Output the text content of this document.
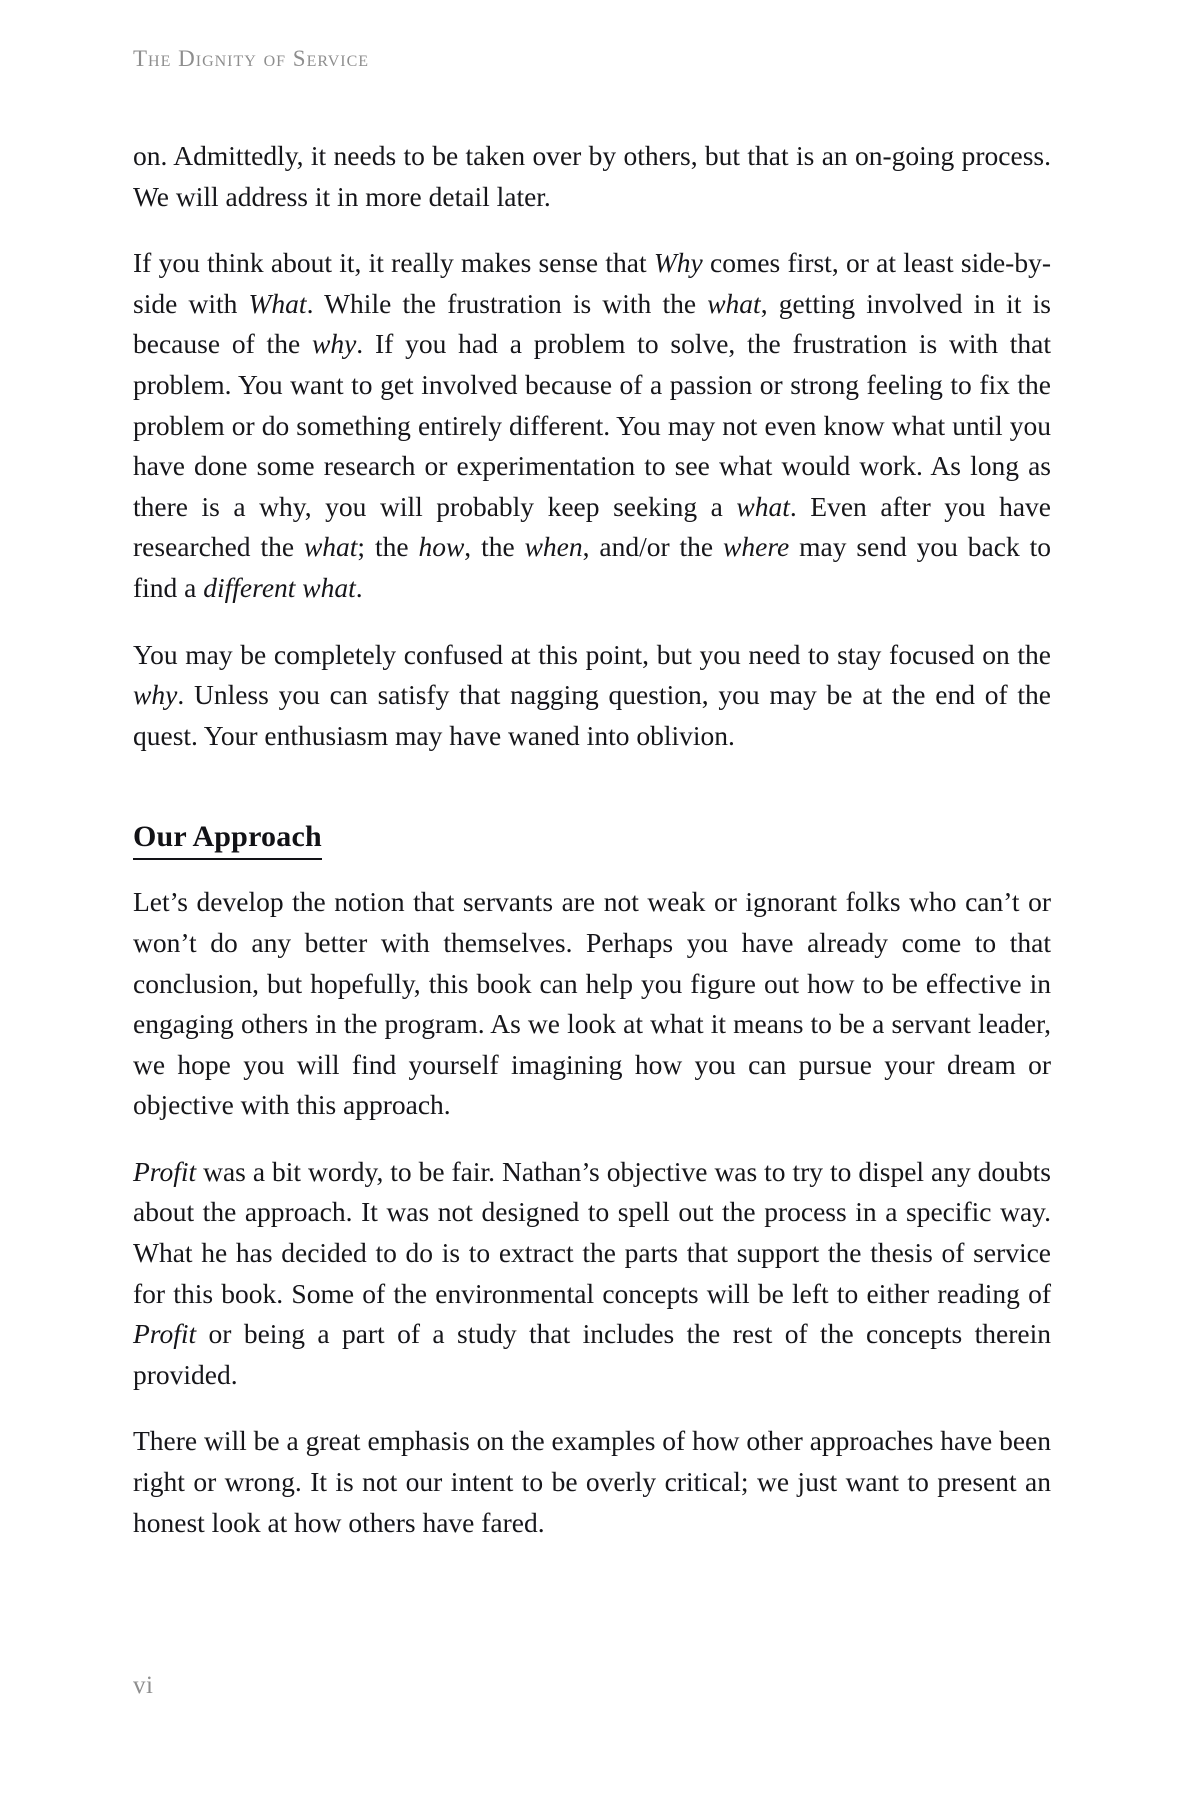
The Dignity of Service

on. Admittedly, it needs to be taken over by others, but that is an on-going process. We will address it in more detail later.

If you think about it, it really makes sense that Why comes first, or at least side-by-side with What. While the frustration is with the what, getting involved in it is because of the why. If you had a problem to solve, the frustration is with that problem. You want to get involved because of a passion or strong feeling to fix the problem or do something entirely different. You may not even know what until you have done some research or experimentation to see what would work. As long as there is a why, you will probably keep seeking a what. Even after you have researched the what; the how, the when, and/or the where may send you back to find a different what.

You may be completely confused at this point, but you need to stay focused on the why. Unless you can satisfy that nagging question, you may be at the end of the quest. Your enthusiasm may have waned into oblivion.

Our Approach

Let’s develop the notion that servants are not weak or ignorant folks who can’t or won’t do any better with themselves. Perhaps you have already come to that conclusion, but hopefully, this book can help you figure out how to be effective in engaging others in the program. As we look at what it means to be a servant leader, we hope you will find yourself imagining how you can pursue your dream or objective with this approach.

Profit was a bit wordy, to be fair. Nathan’s objective was to try to dispel any doubts about the approach. It was not designed to spell out the process in a specific way. What he has decided to do is to extract the parts that support the thesis of service for this book. Some of the environmental concepts will be left to either reading of Profit or being a part of a study that includes the rest of the concepts therein provided.

There will be a great emphasis on the examples of how other approaches have been right or wrong. It is not our intent to be overly critical; we just want to present an honest look at how others have fared.

vi
